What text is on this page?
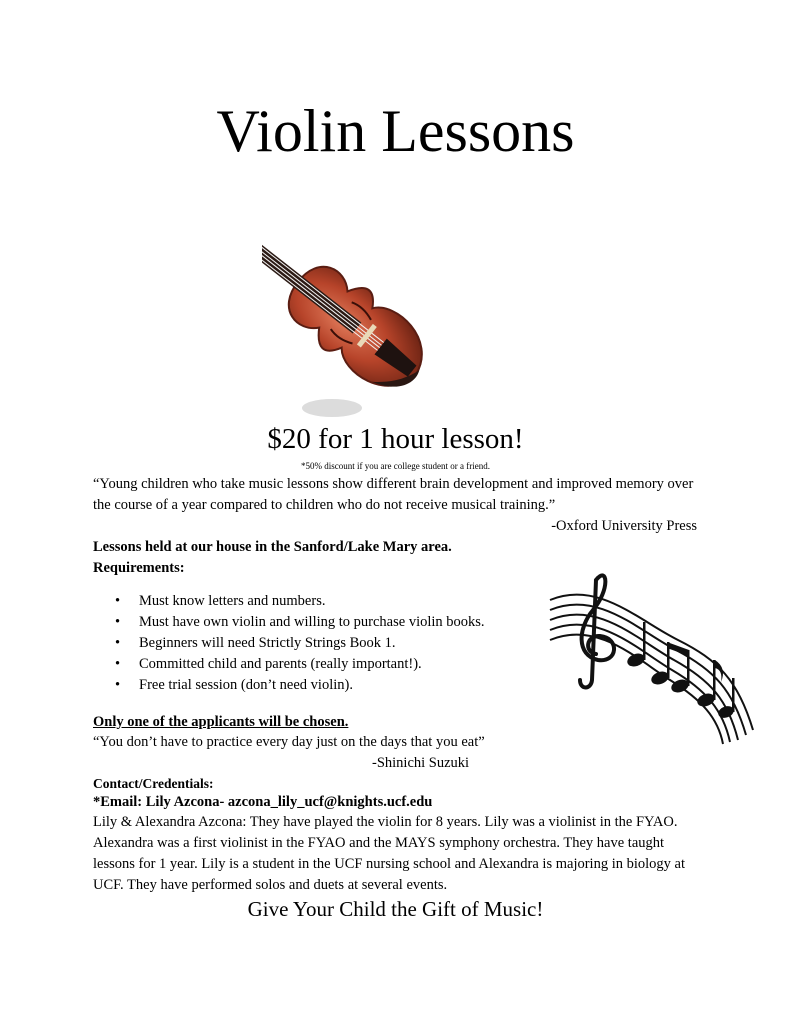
Violin Lessons
$20 for 1 hour lesson!
*50% discount if you are college student or a friend.
“Young children who take music lessons show different brain development and improved memory over the course of a year compared to children who do not receive musical training.”
-Oxford University Press
Lessons held at our house in the Sanford/Lake Mary area.
Requirements:
• Must know letters and numbers.
• Must have own violin and willing to purchase violin books.
• Beginners will need Strictly Strings Book 1.
• Committed child and parents (really important!).
• Free trial session (don’t need violin).
Only one of the applicants will be chosen.
“You don’t have to practice every day just on the days that you eat”
-Shinichi Suzuki
Contact/Credentials:
*Email: Lily Azcona- azcona_lily_ucf@knights.ucf.edu
Lily & Alexandra Azcona: They have played the violin for 8 years. Lily was a violinist in the FYAO. Alexandra was a first violinist in the FYAO and the MAYS symphony orchestra. They have taught lessons for 1 year. Lily is a student in the UCF nursing school and Alexandra is majoring in biology at UCF. They have performed solos and duets at several events.
Give Your Child the Gift of Music!
